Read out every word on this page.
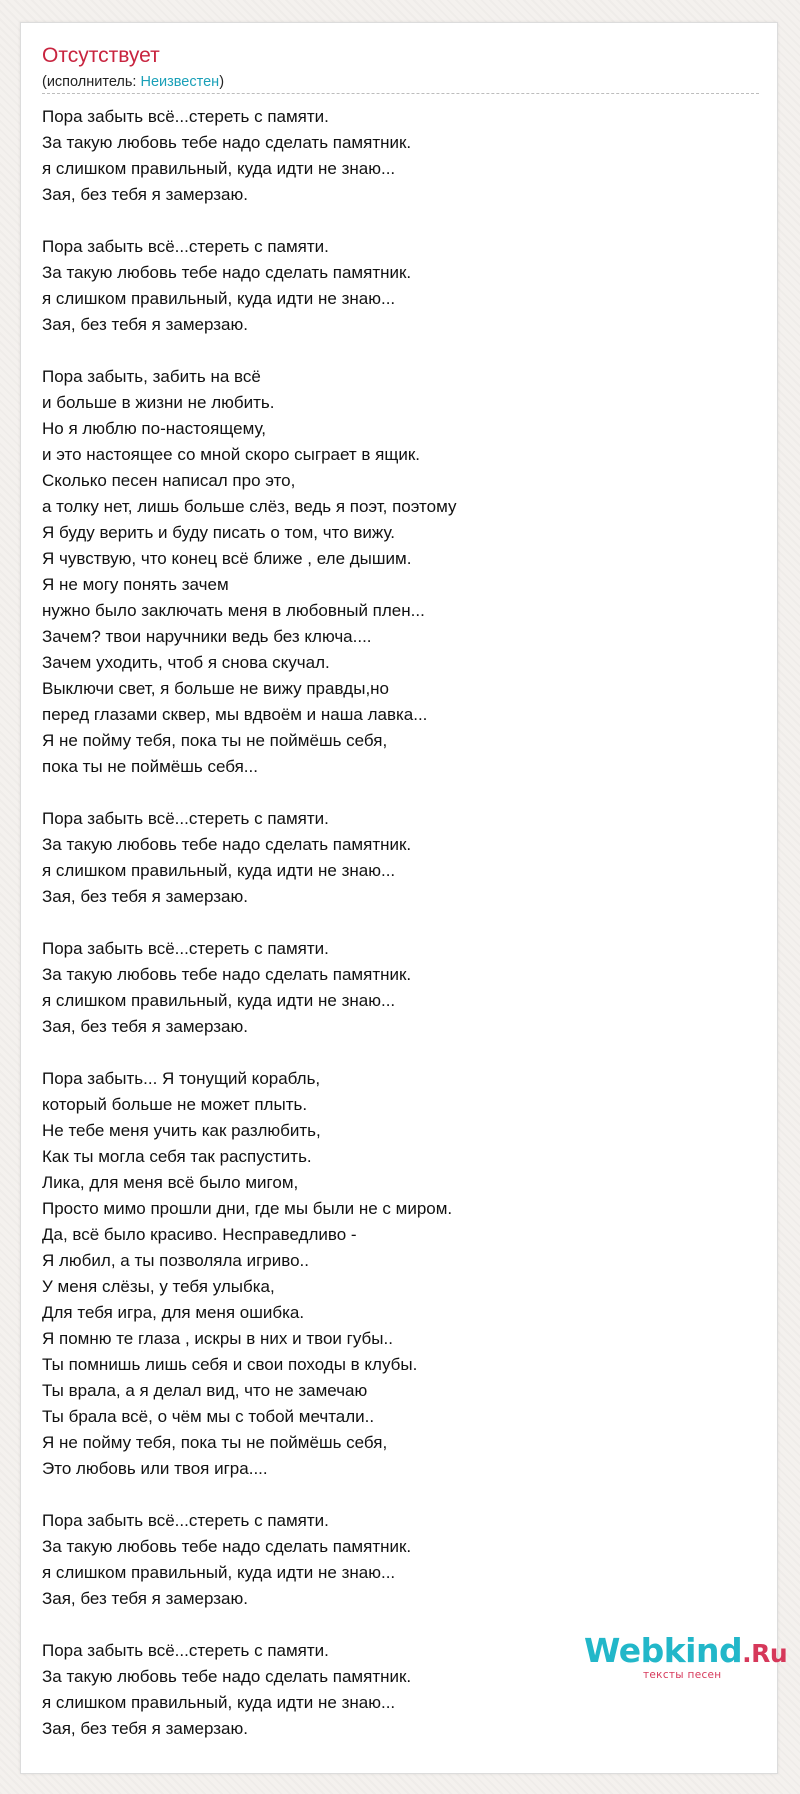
Отсутствует
(исполнитель: Неизвестен)
Пора забыть всё...стереть с памяти.
За такую любовь тебе надо сделать памятник.
я слишком правильный, куда идти не знаю...
Зая, без тебя я замерзаю.
Пора забыть всё...стереть с памяти.
За такую любовь тебе надо сделать памятник.
я слишком правильный, куда идти не знаю...
Зая, без тебя я замерзаю.
Пора забыть, забить на всё
и больше в жизни не любить.
Но я люблю по-настоящему,
и это настоящее со мной скоро сыграет в ящик.
Сколько песен написал про это,
а толку нет, лишь больше слёз, ведь я поэт, поэтому
Я буду верить и буду писать о том, что вижу.
Я чувствую, что конец всё ближе , еле дышим.
Я не могу понять зачем
нужно было заключать меня в любовный плен...
Зачем? твои наручники ведь без ключа....
Зачем уходить, чтоб я снова скучал.
Выключи свет, я больше не вижу правды,но
перед глазами сквер, мы вдвоём и наша лавка...
Я не пойму тебя, пока ты не поймёшь себя,
пока ты не поймёшь себя...
Пора забыть всё...стереть с памяти.
За такую любовь тебе надо сделать памятник.
я слишком правильный, куда идти не знаю...
Зая, без тебя я замерзаю.
Пора забыть всё...стереть с памяти.
За такую любовь тебе надо сделать памятник.
я слишком правильный, куда идти не знаю...
Зая, без тебя я замерзаю.
Пора забыть... Я тонущий корабль,
который больше не может плыть.
Не тебе меня учить как разлюбить,
Как ты могла себя так распустить.
Лика, для меня всё было мигом,
Просто мимо прошли дни, где мы были не с миром.
Да, всё было красиво. Несправедливо -
Я любил, а ты позволяла игриво..
У меня слёзы, у тебя улыбка,
Для тебя игра, для меня ошибка.
Я помню те глаза , искры в них и твои губы..
Ты помнишь лишь себя и свои походы в клубы.
Ты врала, а я делал вид, что не замечаю
Ты брала всё, о чём мы с тобой мечтали..
Я не пойму тебя, пока ты не поймёшь себя,
Это любовь или твоя игра....
Пора забыть всё...стереть с памяти.
За такую любовь тебе надо сделать памятник.
я слишком правильный, куда идти не знаю...
Зая, без тебя я замерзаю.
Пора забыть всё...стереть с памяти.
За такую любовь тебе надо сделать памятник.
я слишком правильный, куда идти не знаю...
Зая, без тебя я замерзаю.
Webkind.Ru
тексты песен
